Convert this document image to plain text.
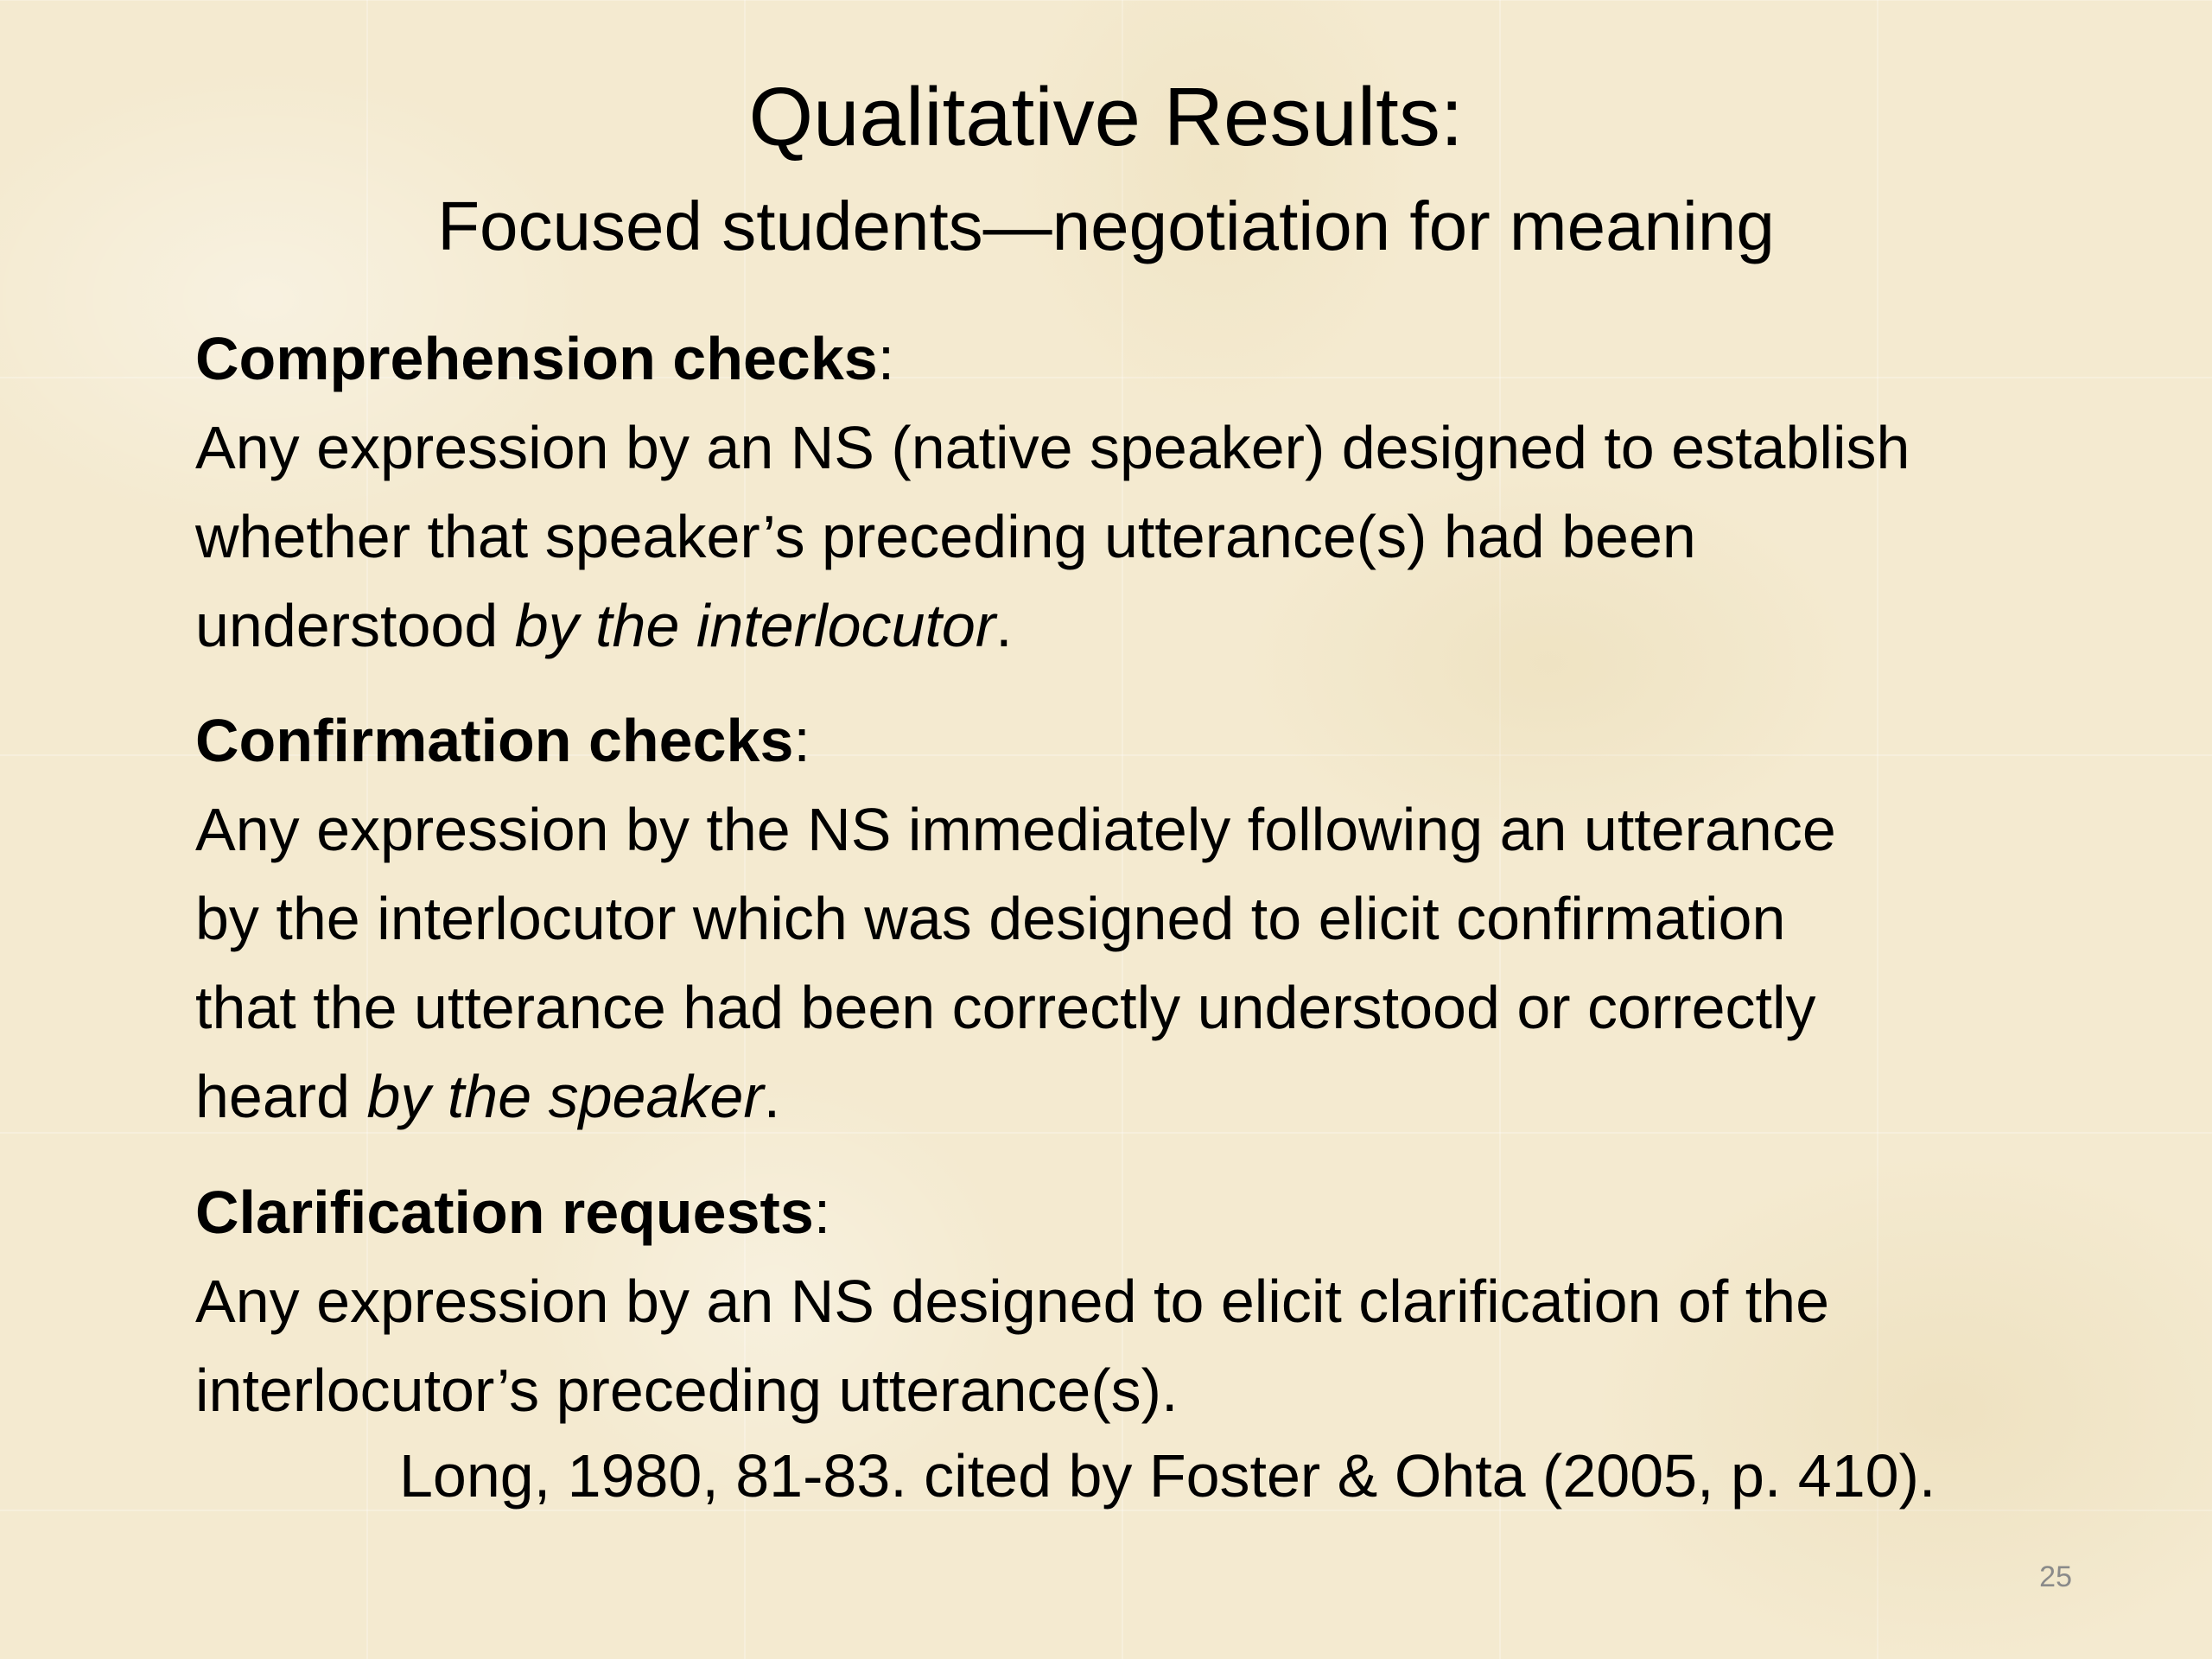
Qualitative Results:
Focused students—negotiation for meaning
Comprehension checks:
Any expression by an NS (native speaker) designed to establish
whether that speaker’s preceding utterance(s) had been
understood by the interlocutor.
Confirmation checks:
Any expression by the NS immediately following an utterance
by the interlocutor which was designed to elicit confirmation
that the utterance had been correctly understood or correctly
heard by the speaker.
Clarification requests:
Any expression by an NS designed to elicit clarification of the
interlocutor’s preceding utterance(s).
Long, 1980, 81-83. cited by Foster & Ohta (2005, p. 410).
25
